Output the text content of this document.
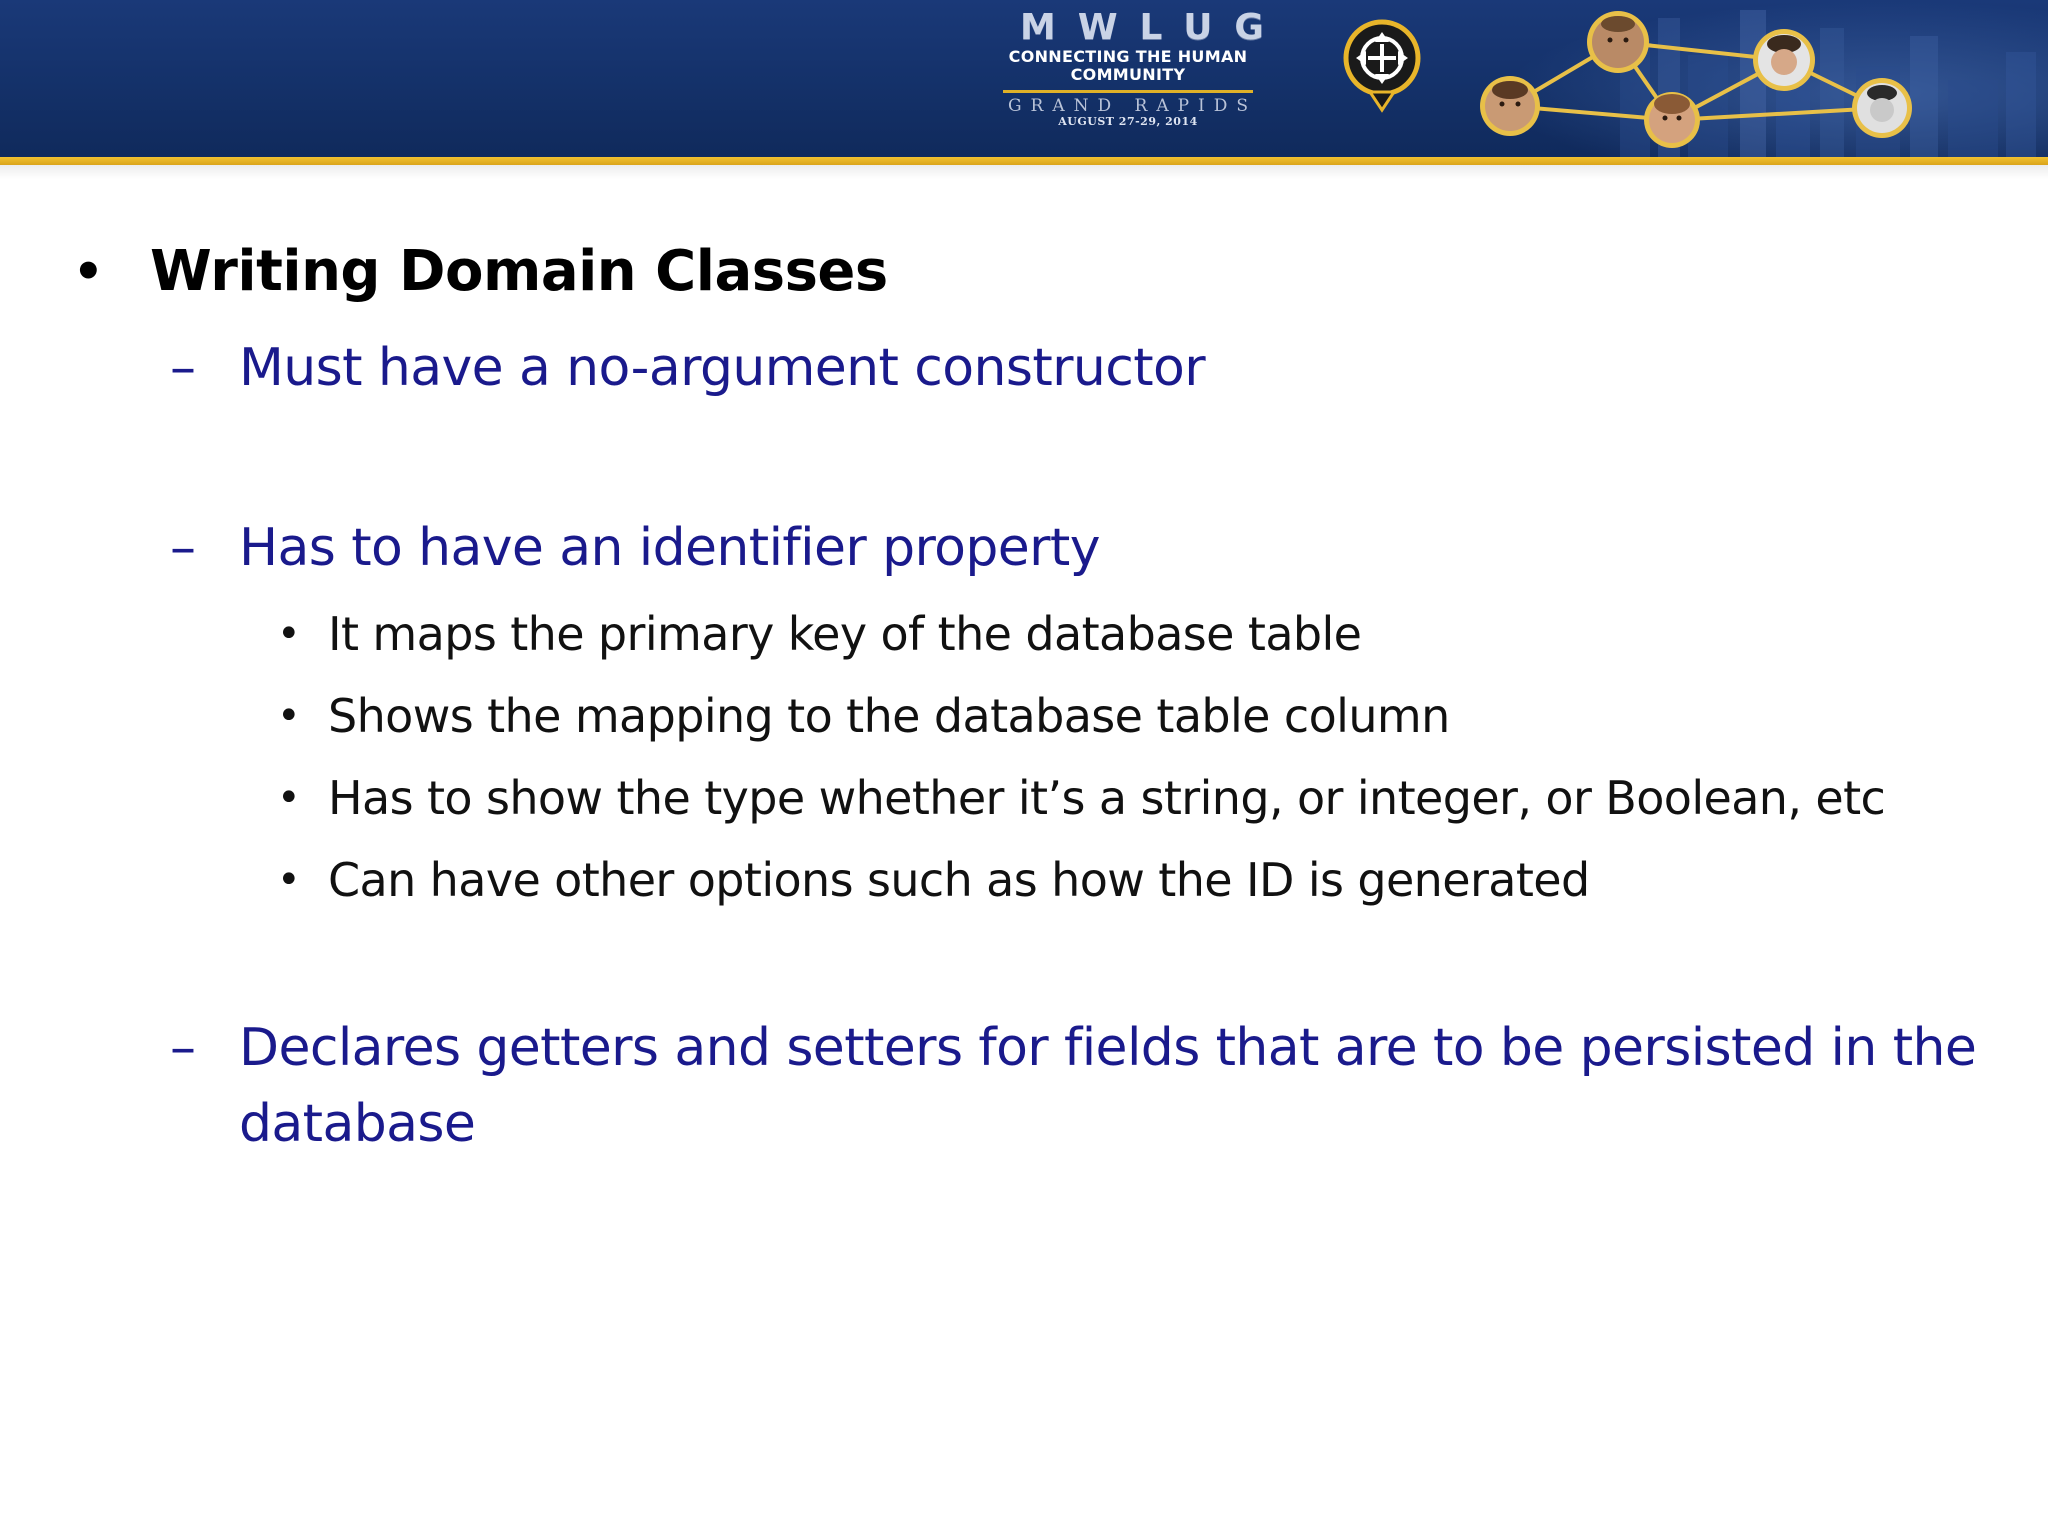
MWLUG
CONNECTING THE HUMAN
COMMUNITY
GRAND RAPIDS
AUGUST 27-29, 2014
• Writing Domain Classes
– Must have a no-argument constructor
– Has to have an identifier property
• It maps the primary key of the database table
• Shows the mapping to the database table column
• Has to show the type whether it’s a string, or integer, or Boolean, etc
• Can have other options such as how the ID is generated
– Declares getters and setters for fields that are to be persisted in the
database
